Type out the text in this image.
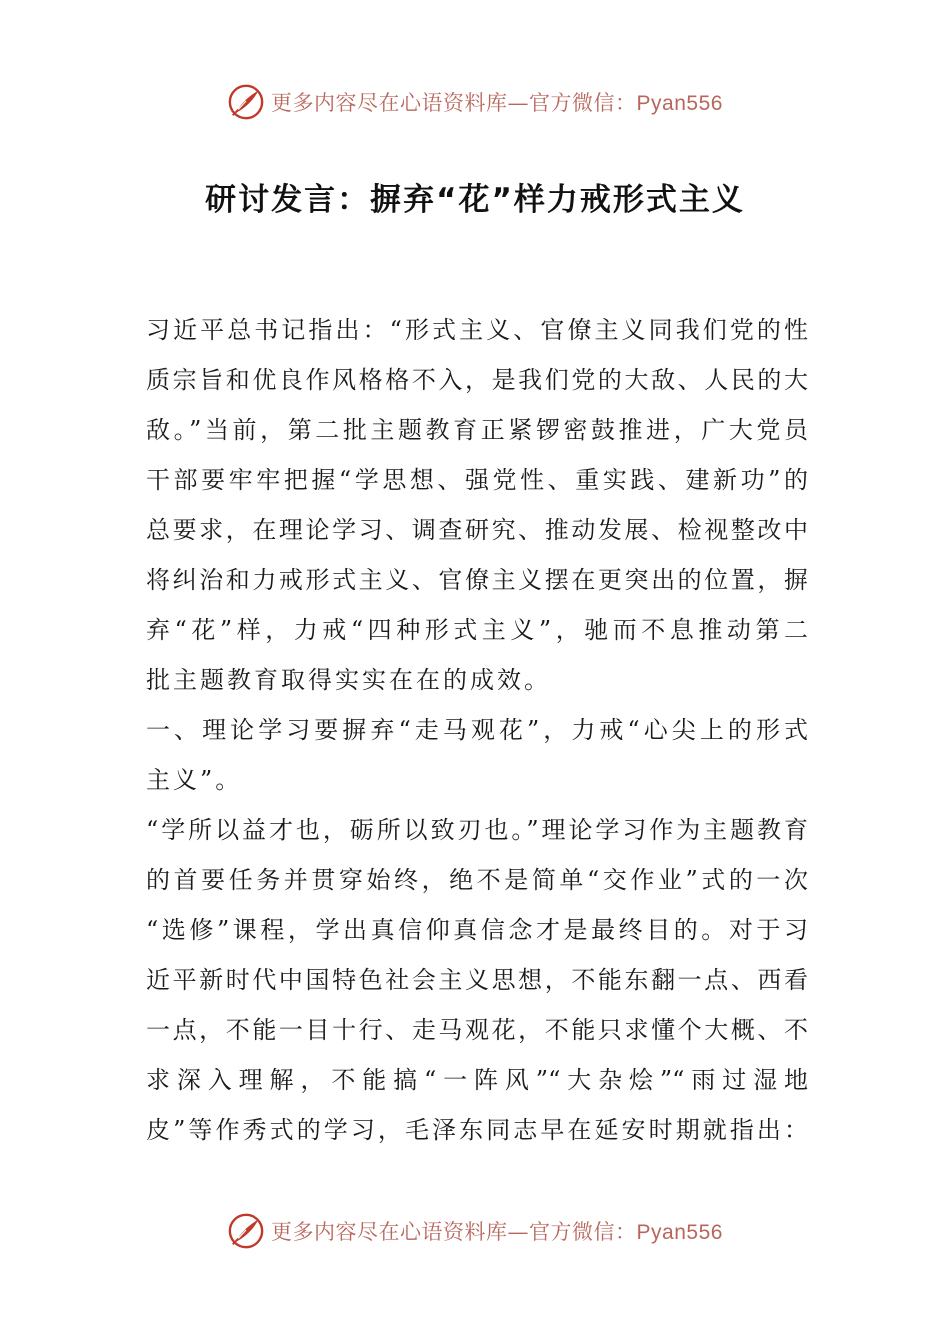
更多内容尽在心语资料库—官方微信：Pyan556
研讨发言：摒弃“花”样力戒形式主义
习近平总书记指出：“形式主义、官僚主义同我们党的性
质宗旨和优良作风格格不入，是我们党的大敌、人民的大
敌。”当前，第二批主题教育正紧锣密鼓推进，广大党员
干部要牢牢把握“学思想、强党性、重实践、建新功”的
总要求，在理论学习、调查研究、推动发展、检视整改中
将纠治和力戒形式主义、官僚主义摆在更突出的位置，摒
弃“花”样，力戒“四种形式主义”，驰而不息推动第二
批主题教育取得实实在在的成效。
一、理论学习要摒弃“走马观花”，力戒“心尖上的形式
主义”。
“学所以益才也，砺所以致刃也。”理论学习作为主题教育
的首要任务并贯穿始终，绝不是简单“交作业”式的一次
“选修”课程，学出真信仰真信念才是最终目的。对于习
近平新时代中国特色社会主义思想，不能东翻一点、西看
一点，不能一目十行、走马观花，不能只求懂个大概、不
求深入理解，不能搞“一阵风”“大杂烩”“雨过湿地
皮”等作秀式的学习，毛泽东同志早在延安时期就指出：
更多内容尽在心语资料库—官方微信：Pyan556
